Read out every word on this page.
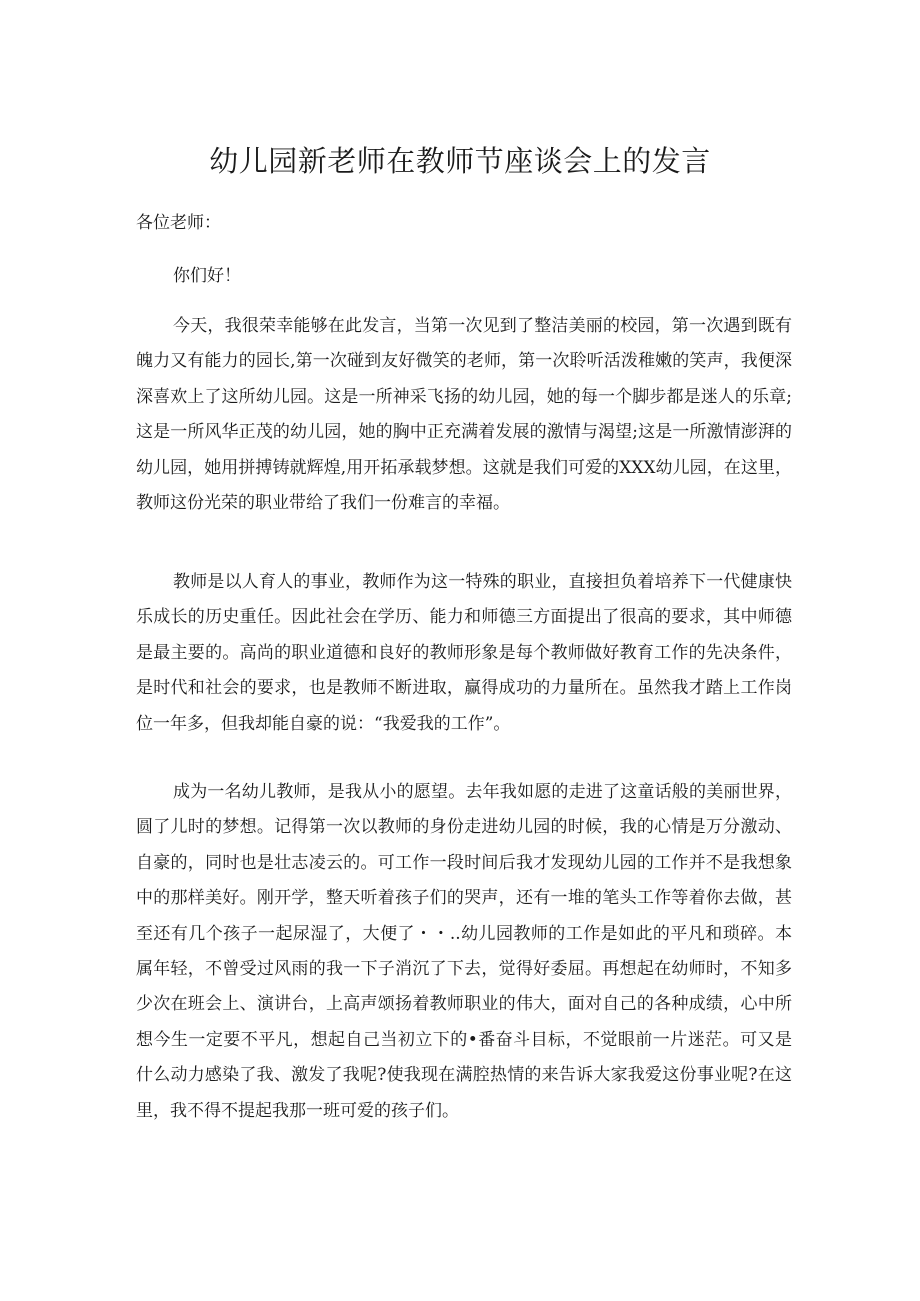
幼儿园新老师在教师节座谈会上的发言

各位老师：

你们好！

今天，我很荣幸能够在此发言，当第一次见到了整洁美丽的校园，第一次遇到既有魄力又有能力的园长,第一次碰到友好微笑的老师，第一次聆听活泼稚嫩的笑声，我便深深喜欢上了这所幼儿园。这是一所神采飞扬的幼儿园，她的每一个脚步都是迷人的乐章;这是一所风华正茂的幼儿园，她的胸中正充满着发展的激情与渴望;这是一所激情澎湃的幼儿园，她用拼搏铸就辉煌,用开拓承载梦想。这就是我们可爱的XXX幼儿园，在这里，教师这份光荣的职业带给了我们一份难言的幸福。

教师是以人育人的事业，教师作为这一特殊的职业，直接担负着培养下一代健康快乐成长的历史重任。因此社会在学历、能力和师德三方面提出了很高的要求，其中师德是最主要的。高尚的职业道德和良好的教师形象是每个教师做好教育工作的先决条件，是时代和社会的要求，也是教师不断进取，赢得成功的力量所在。虽然我才踏上工作岗位一年多，但我却能自豪的说：“我爱我的工作”。

成为一名幼儿教师，是我从小的愿望。去年我如愿的走进了这童话般的美丽世界，圆了儿时的梦想。记得第一次以教师的身份走进幼儿园的时候，我的心情是万分激动、自豪的，同时也是壮志凌云的。可工作一段时间后我才发现幼儿园的工作并不是我想象中的那样美好。刚开学，整天听着孩子们的哭声，还有一堆的笔头工作等着你去做，甚至还有几个孩子一起尿湿了，大便了・・..幼儿园教师的工作是如此的平凡和琐碎。本属年轻，不曾受过风雨的我一下子消沉了下去，觉得好委屈。再想起在幼师时，不知多少次在班会上、演讲台，上高声颂扬着教师职业的伟大，面对自己的各种成绩，心中所想今生一定要不平凡，想起自己当初立下的•番奋斗目标，不觉眼前一片迷茫。可又是什么动力感染了我、激发了我呢?使我现在满腔热情的来告诉大家我爱这份事业呢?在这里，我不得不提起我那一班可爱的孩子们。
